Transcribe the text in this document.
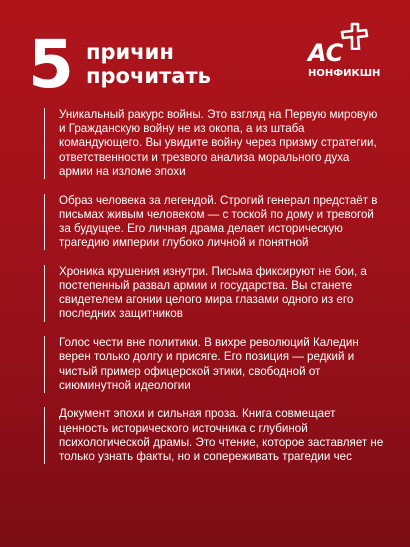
5 причин
прочитать
АС
НОНФИКШН
Уникальный ракурс войны. Это взгляд на Первую мировую и Гражданскую войну не из окопа, а из штаба командующего. Вы увидите войну через призму стратегии, ответственности и трезвого анализа морального духа армии на изломе эпохи
Образ человека за легендой. Строгий генерал предстаёт в письмах живым человеком — с тоской по дому и тревогой за будущее. Его личная драма делает историческую трагедию империи глубоко личной и понятной
Хроника крушения изнутри. Письма фиксируют не бои, а постепенный развал армии и государства. Вы станете свидетелем агонии целого мира глазами одного из его последних защитников
Голос чести вне политики. В вихре революций Каледин верен только долгу и присяге. Его позиция — редкий и чистый пример офицерской этики, свободной от сиюминутной идеологии
Документ эпохи и сильная проза. Книга совмещает ценность исторического источника с глубиной психологической драмы. Это чтение, которое заставляет не только узнать факты, но и сопереживать трагедии чес
